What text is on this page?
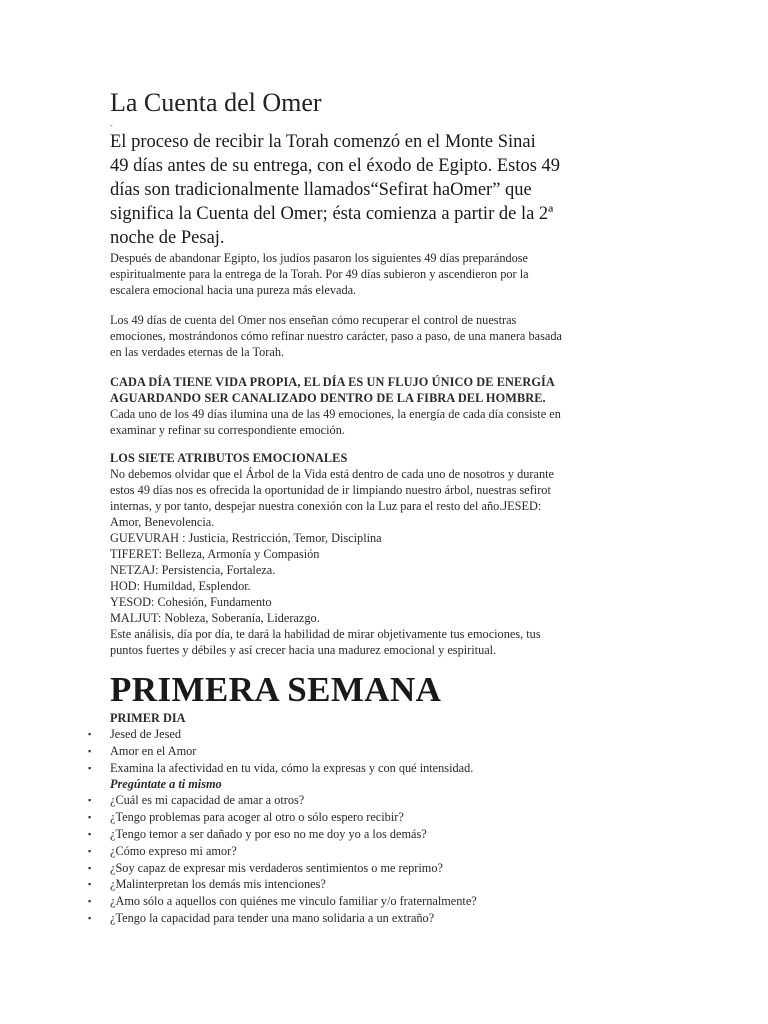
La Cuenta del Omer
-

El proceso de recibir la Torah comenzó en el Monte Sinai

49 días antes de su entrega, con el éxodo de Egipto. Estos 49

días son tradicionalmente llamados“Sefirat haOmer” que

significa la Cuenta del Omer; ésta comienza a partir de la 2ª

noche de Pesaj.

Después de abandonar Egipto, los judíos pasaron los siguientes 49 días preparándose

espiritualmente para la entrega de la Torah. Por 49 días subieron y ascendieron por la

escalera emocional hacia una pureza más elevada.

Los 49 días de cuenta del Omer nos enseñan cómo recuperar el control de nuestras

emociones, mostrándonos cómo refinar nuestro carácter, paso a paso, de una manera basada

en las verdades eternas de la Torah.

CADA DÍA TIENE VIDA PROPIA, EL DÍA ES UN FLUJO ÚNICO DE ENERGÍA

AGUARDANDO SER CANALIZADO DENTRO DE LA FIBRA DEL HOMBRE.

Cada uno de los 49 días ilumina una de las 49 emociones, la energía de cada día consiste en

examinar y refinar su correspondiente emoción.

LOS SIETE ATRIBUTOS EMOCIONALES

No debemos olvidar que el Árbol de la Vida está dentro de cada uno de nosotros y durante

estos 49 días nos es ofrecida la oportunidad de ir limpiando nuestro árbol, nuestras sefirot

internas, y por tanto, despejar nuestra conexión con la Luz para el resto del año.JESED:

Amor, Benevolencia.

GUEVURAH : Justicia, Restricción, Temor, Disciplina

TIFERET: Belleza, Armonía y Compasión

NETZAJ: Persistencia, Fortaleza.

HOD: Humildad, Esplendor.

YESOD: Cohesión, Fundamento

MALJUT: Nobleza, Soberanía, Liderazgo.

Este análisis, día por día, te dará la habilidad de mirar objetivamente tus emociones, tus

puntos fuertes y débiles y así crecer hacia una madurez emocional y espiritual.

PRIMERA SEMANA

PRIMER DIA

▪ Jesed de Jesed
▪ Amor en el Amor
▪ Examina la afectividad en tu vida, cómo la expresas y con qué intensidad.

Pregúntate a ti mismo

▪ ¿Cuál es mi capacidad de amar a otros?
▪ ¿Tengo problemas para acoger al otro o sólo espero recibir?
▪ ¿Tengo temor a ser dañado y por eso no me doy yo a los demás?
▪ ¿Cómo expreso mi amor?
▪ ¿Soy capaz de expresar mis verdaderos sentimientos o me reprimo?
▪ ¿Malinterpretan los demás mis intenciones?
▪ ¿Amo sólo a aquellos con quiénes me vinculo familiar y/o fraternalmente?
▪ ¿Tengo la capacidad para tender una mano solidaria a un extraño?
